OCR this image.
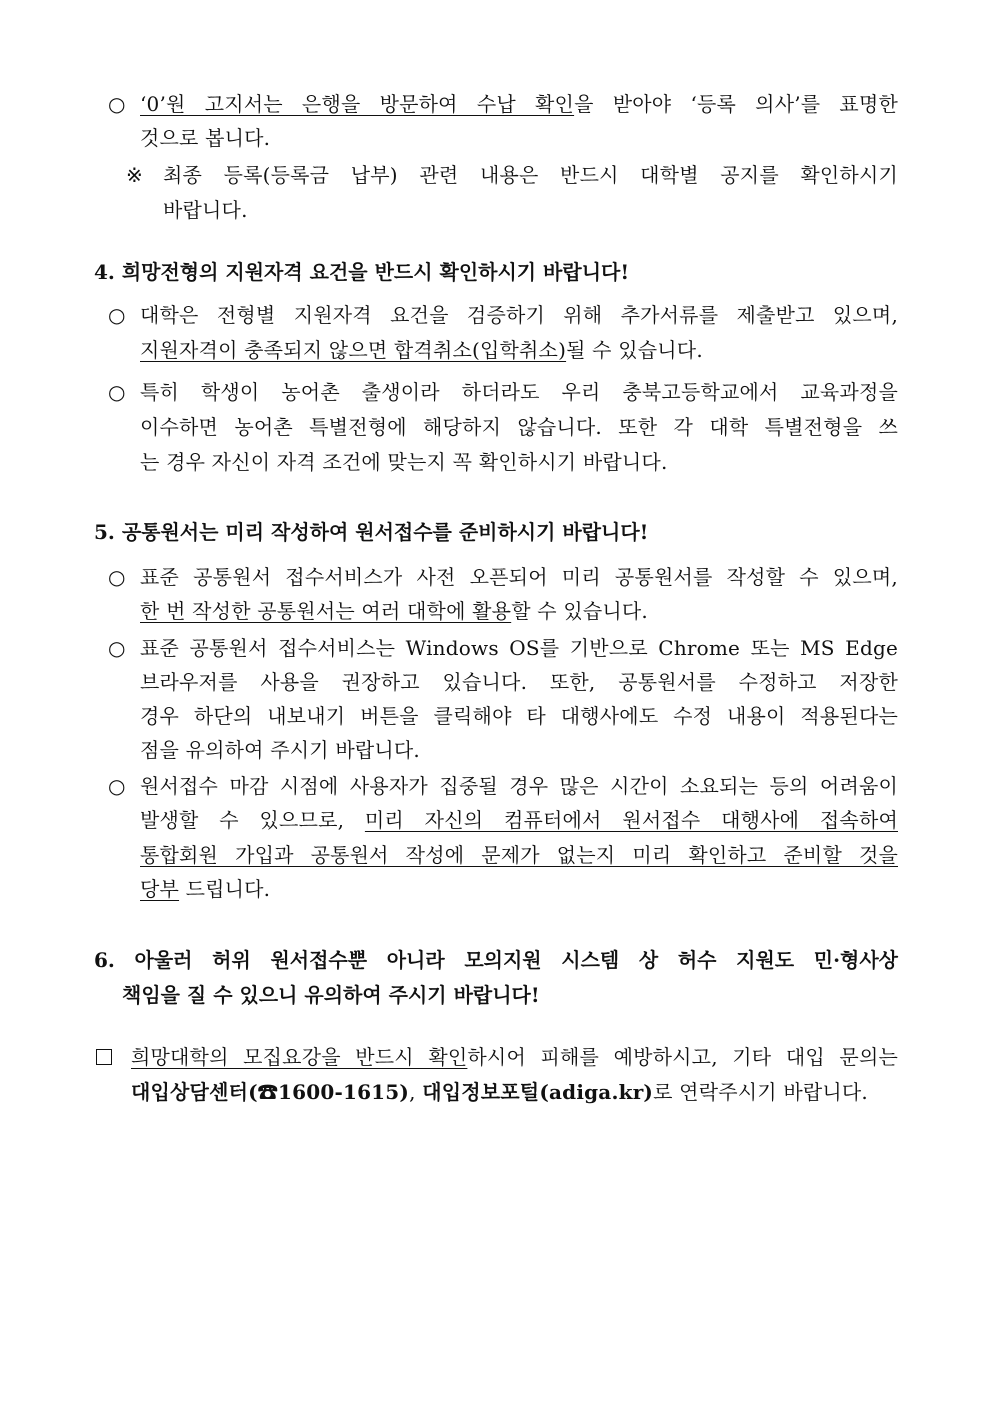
○ ‘0’원 고지서는 은행을 방문하여 수납 확인을 받아야 ‘등록 의사’를 표명한

것으로 봅니다.

※ 최종 등록(등록금 납부) 관련 내용은 반드시 대학별 공지를 확인하시기

바랍니다.

4. 희망전형의 지원자격 요건을 반드시 확인하시기 바랍니다!

○ 대학은 전형별 지원자격 요건을 검증하기 위해 추가서류를 제출받고 있으며,

지원자격이 충족되지 않으면 합격취소(입학취소)될 수 있습니다.

○ 특히 학생이 농어촌 출생이라 하더라도 우리 충북고등학교에서 교육과정을

이수하면 농어촌 특별전형에 해당하지 않습니다. 또한 각 대학 특별전형을 쓰

는 경우 자신이 자격 조건에 맞는지 꼭 확인하시기 바랍니다.

5. 공통원서는 미리 작성하여 원서접수를 준비하시기 바랍니다!

○ 표준 공통원서 접수서비스가 사전 오픈되어 미리 공통원서를 작성할 수 있으며,

한 번 작성한 공통원서는 여러 대학에 활용할 수 있습니다.

○ 표준 공통원서 접수서비스는 Windows OS를 기반으로 Chrome 또는 MS Edge

브라우저를 사용을 권장하고 있습니다. 또한, 공통원서를 수정하고 저장한

경우 하단의 내보내기 버튼을 클릭해야 타 대행사에도 수정 내용이 적용된다는

점을 유의하여 주시기 바랍니다.

○ 원서접수 마감 시점에 사용자가 집중될 경우 많은 시간이 소요되는 등의 어려움이

발생할 수 있으므로, 미리 자신의 컴퓨터에서 원서접수 대행사에 접속하여

통합회원 가입과 공통원서 작성에 문제가 없는지 미리 확인하고 준비할 것을

당부 드립니다.

6. 아울러 허위 원서접수뿐 아니라 모의지원 시스템 상 허수 지원도 민·형사상

책임을 질 수 있으니 유의하여 주시기 바랍니다!

희망대학의 모집요강을 반드시 확인하시어 피해를 예방하시고, 기타 대입 문의는

대입상담센터(☎1600-1615), 대입정보포털(adiga.kr)로 연락주시기 바랍니다.
